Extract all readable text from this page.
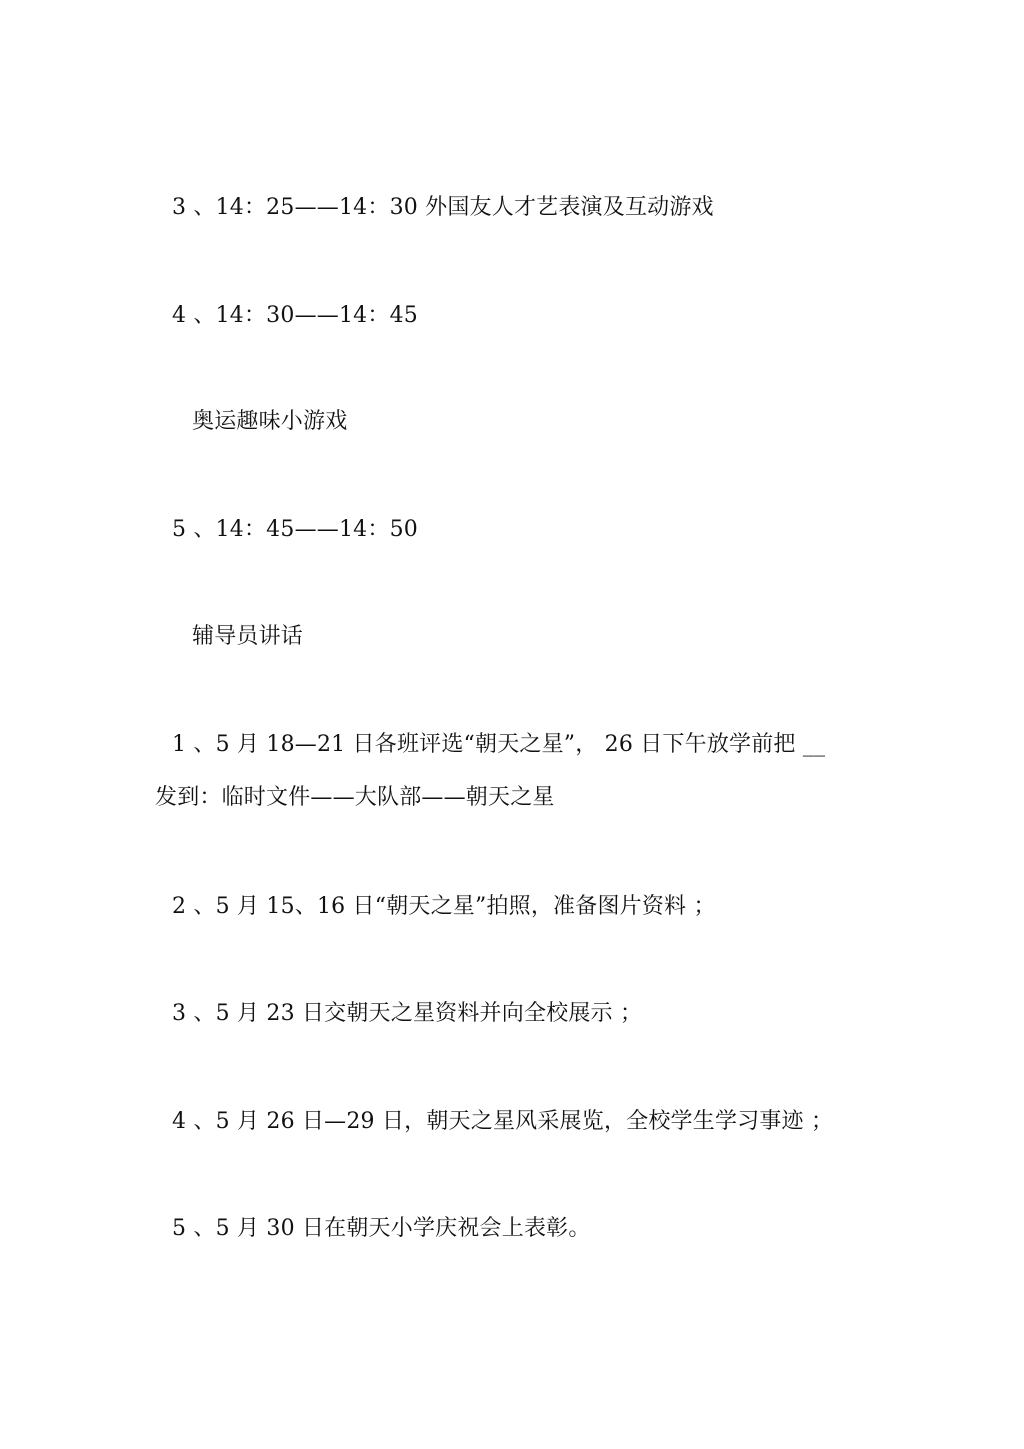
3 、14：25——14：30 外国友人才艺表演及互动游戏
4 、14：30——14：45
奥运趣味小游戏
5 、14：45——14：50
辅导员讲话
1 、5 月 18—21 日各班评选“朝天之星”， 26 日下午放学前把 __
发到：临时文件——大队部——朝天之星
2 、5 月 15、16 日“朝天之星”拍照，准备图片资料 ；
3 、5 月 23 日交朝天之星资料并向全校展示 ；
4 、5 月 26 日—29 日，朝天之星风采展览，全校学生学习事迹 ；
5 、5 月 30 日在朝天小学庆祝会上表彰。
